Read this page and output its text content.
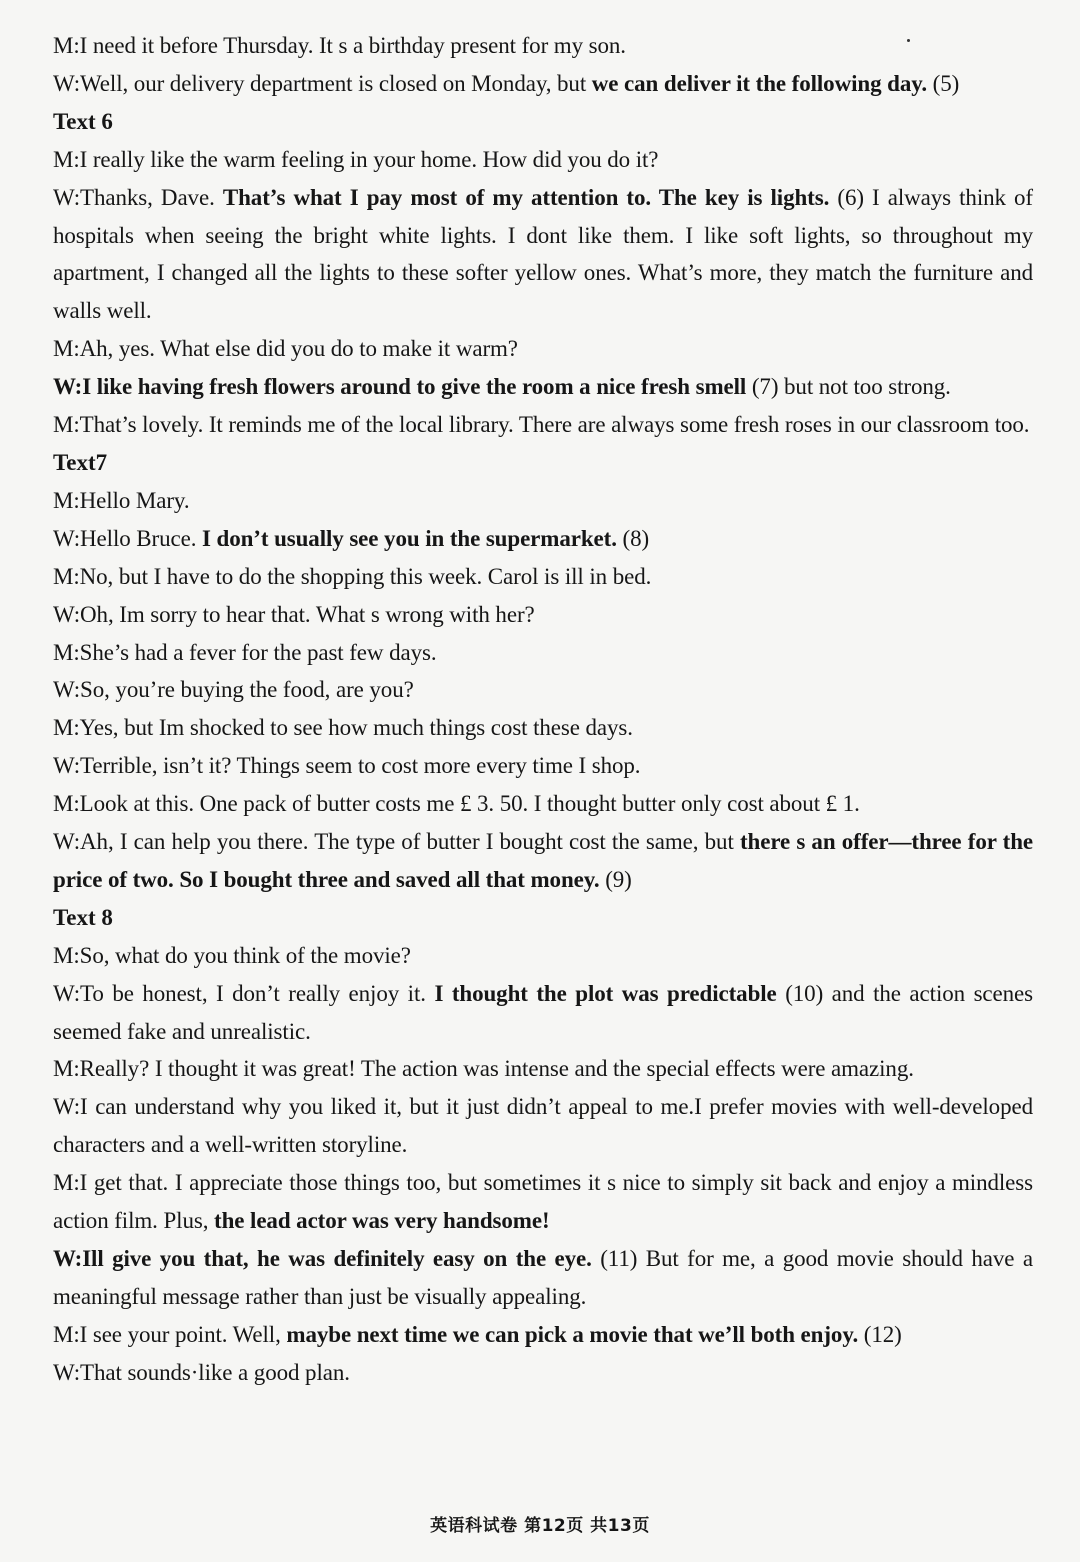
M:I need it before Thursday. It s a birthday present for my son.

W:Well, our delivery department is closed on Monday, but we can deliver it the following day. (5)

Text 6

M:I really like the warm feeling in your home. How did you do it?

W:Thanks, Dave. That’s what I pay most of my attention to. The key is lights. (6) I always think of hospitals when seeing the bright white lights. I dont like them. I like soft lights, so throughout my apartment, I changed all the lights to these softer yellow ones. What’s more, they match the furniture and walls well.

M:Ah, yes. What else did you do to make it warm?

W:I like having fresh flowers around to give the room a nice fresh smell (7) but not too strong.

M:That’s lovely. It reminds me of the local library. There are always some fresh roses in our classroom too.

Text7

M:Hello Mary.

W:Hello Bruce. I don’t usually see you in the supermarket. (8)

M:No, but I have to do the shopping this week. Carol is ill in bed.

W:Oh, Im sorry to hear that. What s wrong with her?

M:She’s had a fever for the past few days.

W:So, you’re buying the food, are you?

M:Yes, but Im shocked to see how much things cost these days.

W:Terrible, isn’t it? Things seem to cost more every time I shop.

M:Look at this. One pack of butter costs me £ 3. 50. I thought butter only cost about £ 1.

W:Ah, I can help you there. The type of butter I bought cost the same, but there s an offer—three for the price of two. So I bought three and saved all that money. (9)

Text 8

M:So, what do you think of the movie?

W:To be honest, I don’t really enjoy it. I thought the plot was predictable (10) and the action scenes seemed fake and unrealistic.

M:Really? I thought it was great! The action was intense and the special effects were amazing.

W:I can understand why you liked it, but it just didn’t appeal to me.I prefer movies with well-developed characters and a well-written storyline.

M:I get that. I appreciate those things too, but sometimes it s nice to simply sit back and enjoy a mindless action film. Plus, the lead actor was very handsome!

W:Ill give you that, he was definitely easy on the eye. (11) But for me, a good movie should have a meaningful message rather than just be visually appealing.

M:I see your point. Well, maybe next time we can pick a movie that we’ll both enjoy. (12)

W:That sounds·like a good plan.

英语科试卷 第12页 共13页
